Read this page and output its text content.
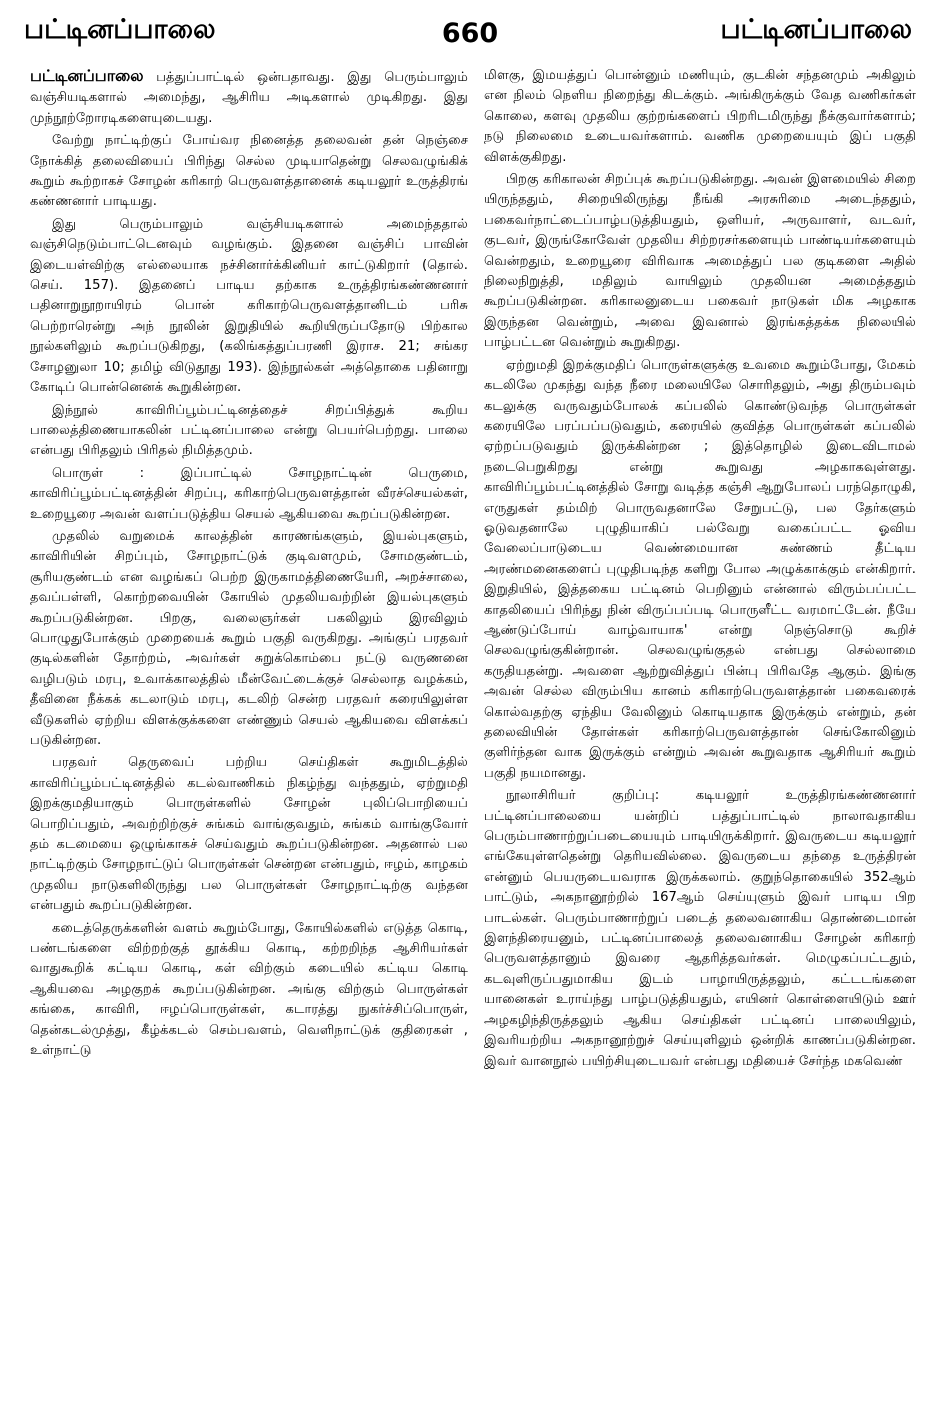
பட்டினப்பாலை	660	பட்டினப்பாலை

பட்டினப்பாலை பத்துப்பாட்டில் ஒன்பதாவது. இது பெரும்பாலும் வஞ்சியடிகளால் அமைந்து, ஆசிரிய அடிகளால் முடிகிறது. இது முந்நூற்றோரடிகளையுடையது.

வேற்று நாட்டிற்குப் போய்வர நினைத்த தலைவன் தன் நெஞ்சை நோக்கித் தலைவியைப் பிரிந்து செல்ல முடியாதென்று செலவழுங்கிக் கூறும் கூற்றாகச் சோழன் கரிகாற் பெருவளத்தானைக் கடியலூர் உருத்திரங் கண்ணனார் பாடியது.

இது பெரும்பாலும் வஞ்சியடிகளால் அமைந்ததால் வஞ்சிநெடும்பாட்டெனவும் வழங்கும். இதனை வஞ்சிப் பாவின் இடையள்விற்கு எல்லையாக நச்சினார்க்கினியர் காட்டுகிறார் (தொல். செய். 157). இதனைப் பாடிய தற்காக உருத்திரங்கண்ணனார் பதினாறுநூறாயிரம் பொன் கரிகாற்பெருவளத்தானிடம் பரிசு பெற்றாரென்று அந் நூலின் இறுதியில் கூறியிருப்பதோடு பிற்கால நூல்களிலும் கூறப்படுகிறது, (கலிங்கத்துப்பரணி இராச. 21; சங்கர சோழனுலா 10; தமிழ் விடுதூது 193). இந்நூல்கள் அத்தொகை பதினாறு கோடிப் பொன்னெனக் கூறுகின்றன.

இந்நூல் காவிரிப்பூம்பட்டினத்தைச் சிறப்பித்துக் கூறிய பாலைத்திணையாகலின் பட்டினப்பாலை என்று பெயர்பெற்றது. பாலை என்பது பிரிதலும் பிரிதல் நிமித்தமும்.

பொருள் : இப்பாட்டில் சோழநாட்டின் பெருமை, காவிரிப்பூம்பட்டினத்தின் சிறப்பு, கரிகாற்பெருவளத்தான் வீரச்செயல்கள், உறையூரை அவன் வளப்படுத்திய செயல் ஆகியவை கூறப்படுகின்றன.

முதலில் வறுமைக் காலத்தின் காரணங்களும், இயல்புகளும், காவிரியின் சிறப்பும், சோழநாட்டுக் குடிவளமும், சோமகுண்டம், சூரியகுண்டம் என வழங்கப் பெற்ற இருகாமத்திணையேரி, அறச்சாலை, தவப்பள்ளி, கொற்றவையின் கோயில் முதலியவற்றின் இயல்புகளும் கூறப்படுகின்றன. பிறகு, வலைஞர்கள் பகலிலும் இரவிலும் பொழுதுபோக்கும் முறையைக் கூறும் பகுதி வருகிறது. அங்குப் பரதவர் குடில்களின் தோற்றம், அவர்கள் சுறுக்கொம்பை நட்டு வருணனை வழிபடும் மரபு, உவாக்காலத்தில் மீன்வேட்டைக்குச் செல்லாத வழக்கம், தீவினை நீக்கக் கடலாடும் மரபு, கடலிற் சென்ற பரதவர் கரையிலுள்ள வீடுகளில் ஏற்றிய விளக்குக்களை எண்ணும் செயல் ஆகியவை விளக்கப் படுகின்றன.

பரதவர் தெருவைப் பற்றிய செய்திகள் கூறுமிடத்தில் காவிரிப்பூம்பட்டினத்தில் கடல்வாணிகம் நிகழ்ந்து வந்ததும், ஏற்றுமதி இறக்குமதியாகும் பொருள்களில் சோழன் புலிப்பொறியைப் பொறிப்பதும், அவற்றிற்குச் சுங்கம் வாங்குவதும், சுங்கம் வாங்குவோர் தம் கடமையை ஒழுங்காகச் செய்வதும் கூறப்படுகின்றன. அதனால் பல நாட்டிற்கும் சோழநாட்டுப் பொருள்கள் சென்றன என்பதும், ஈழம், காழகம் முதலிய நாடுகளிலிருந்து பல பொருள்கள் சோழநாட்டிற்கு வந்தன என்பதும் கூறப்படுகின்றன.

கடைத்தெருக்களின் வளம் கூறும்போது, கோயில்களில் எடுத்த கொடி, பண்டங்களை விற்றற்குத் தூக்கிய கொடி, கற்றறிந்த ஆசிரியர்கள் வாதுகூறிக் கட்டிய கொடி, கள் விற்கும் கடையில் கட்டிய கொடி ஆகியவை அழகுறக் கூறப்படுகின்றன. அங்கு விற்கும் பொருள்கள் கங்கை, காவிரி, ஈழப்பொருள்கள், கடாரத்து நுகர்ச்சிப்பொருள், தென்கடல்முத்து, கீழ்க்கடல் செம்பவளம், வெளிநாட்டுக் குதிரைகள் , உள்நாட்டு

மிளகு, இமயத்துப் பொன்னும் மணியும், குடகின் சந்தனமும் அகிலும் என நிலம் நெளிய நிறைந்து கிடக்கும். அங்கிருக்கும் வேத வணிகர்கள் கொலை, களவு முதலிய குற்றங்களைப் பிறரிடமிருந்து நீக்குவார்களாம்; நடு நிலைமை உடையவர்களாம். வணிக முறையையும் இப் பகுதி விளக்குகிறது.

பிறகு கரிகாலன் சிறப்புக் கூறப்படுகின்றது. அவன் இளமையில் சிறை யிருந்ததும், சிறையிலிருந்து நீங்கி அரசுரிமை அடைந்ததும், பகைவர்நாட்டைப்பாழ்படுத்தியதும், ஒளியர், அருவாளர், வடவர், குடவர், இருங்கோவேள் முதலிய சிற்றரசர்களையும் பாண்டியர்களையும் வென்றதும், உறையூரை விரிவாக அமைத்துப் பல குடிகளை அதில் நிலைநிறுத்தி, மதிலும் வாயிலும் முதலியன அமைத்ததும் கூறப்படுகின்றன. கரிகாலனுடைய பகைவர் நாடுகள் மிக அழகாக இருந்தன வென்றும், அவை இவனால் இரங்கத்தக்க நிலையில் பாழ்பட்டன வென்றும் கூறுகிறது.

ஏற்றுமதி இறக்குமதிப் பொருள்களுக்கு உவமை கூறும்போது, மேகம் கடலிலே முகந்து வந்த நீரை மலையிலே சொரிதலும், அது திரும்பவும் கடலுக்கு வருவதும்போலக் கப்பலில் கொண்டுவந்த பொருள்கள் கரையிலே பரப்பப்படுவதும், கரையில் குவித்த பொருள்கள் கப்பலில் ஏற்றப்படுவதும் இருக்கின்றன ; இத்தொழில் இடைவிடாமல் நடைபெறுகிறது என்று கூறுவது அழகாகவுள்ளது. காவிரிப்பூம்பட்டினத்தில் சோறு வடித்த கஞ்சி ஆறுபோலப் பரந்தொழுகி, எருதுகள் தம்மிற் பொருவதனாலே சேறுபட்டு, பல தேர்களும் ஓடுவதனாலே புழுதியாகிப் பல்வேறு வகைப்பட்ட ஓவிய வேலைப்பாடுடைய வெண்மையான சுண்ணம் தீட்டிய அரண்மனைகளைப் புழுதிபடிந்த களிறு போல அழுக்காக்கும் என்கிறார். இறுதியில், இத்தகைய பட்டினம் பெறினும் என்னால் விரும்பப்பட்ட காதலியைப் பிரிந்து நின் விருப்பப்படி பொருளீட்ட வரமாட்டேன். நீயே ஆண்டுப்போய் வாழ்வாயாக' என்று நெஞ்சொடு கூறிச் செலவழுங்குகின்றான். செலவழுங்குதல் என்பது செல்லாமை கருதியதன்று. அவளை ஆற்றுவித்துப் பின்பு பிரிவதே ஆகும். இங்கு அவன் செல்ல விரும்பிய கானம் கரிகாற்பெருவளத்தான் பகைவரைக் கொல்வதற்கு ஏந்திய வேலினும் கொடியதாக இருக்கும் என்றும், தன் தலைவியின் தோள்கள் கரிகாற்பெருவளத்தான் செங்கோலினும் குளிர்ந்தன வாக இருக்கும் என்றும் அவன் கூறுவதாக ஆசிரியர் கூறும் பகுதி நயமானது.

நூலாசிரியர் குறிப்பு: கடியலூர் உருத்திரங்கண்ணனார் பட்டினப்பாலையை யன்றிப் பத்துப்பாட்டில் நாலாவதாகிய பெரும்பாணாற்றுப்படையையும் பாடியிருக்கிறார். இவருடைய கடியலூர் எங்கேயுள்ளதென்று தெரியவில்லை. இவருடைய தந்தை உருத்திரன் என்னும் பெயருடையவராக இருக்கலாம். குறுந்தொகையில் 352ஆம் பாட்டும், அகநானூற்றில் 167ஆம் செய்யுளும் இவர் பாடிய பிற பாடல்கள். பெரும்பாணாற்றுப் படைத் தலைவனாகிய தொண்டைமான் இளந்திரையனும், பட்டினப்பாலைத் தலைவனாகிய சோழன் கரிகாற் பெருவளத்தானும் இவரை ஆதரித்தவர்கள். மெழுகப்பட்டதும், கடவுளிருப்பதுமாகிய இடம் பாழாயிருத்தலும், கட்டடங்களை யானைகள் உராய்ந்து பாழ்படுத்தியதும், எயினர் கொள்ளையிடும் ஊர் அழகழிந்திருத்தலும் ஆகிய செய்திகள் பட்டினப் பாலையிலும், இவரியற்றிய அகநானூற்றுச் செய்யுளிலும் ஒன்றிக் காணப்படுகின்றன. இவர் வானநூல் பயிற்சியுடையவர் என்பது மதியைச் சேர்ந்த மகவெண்
